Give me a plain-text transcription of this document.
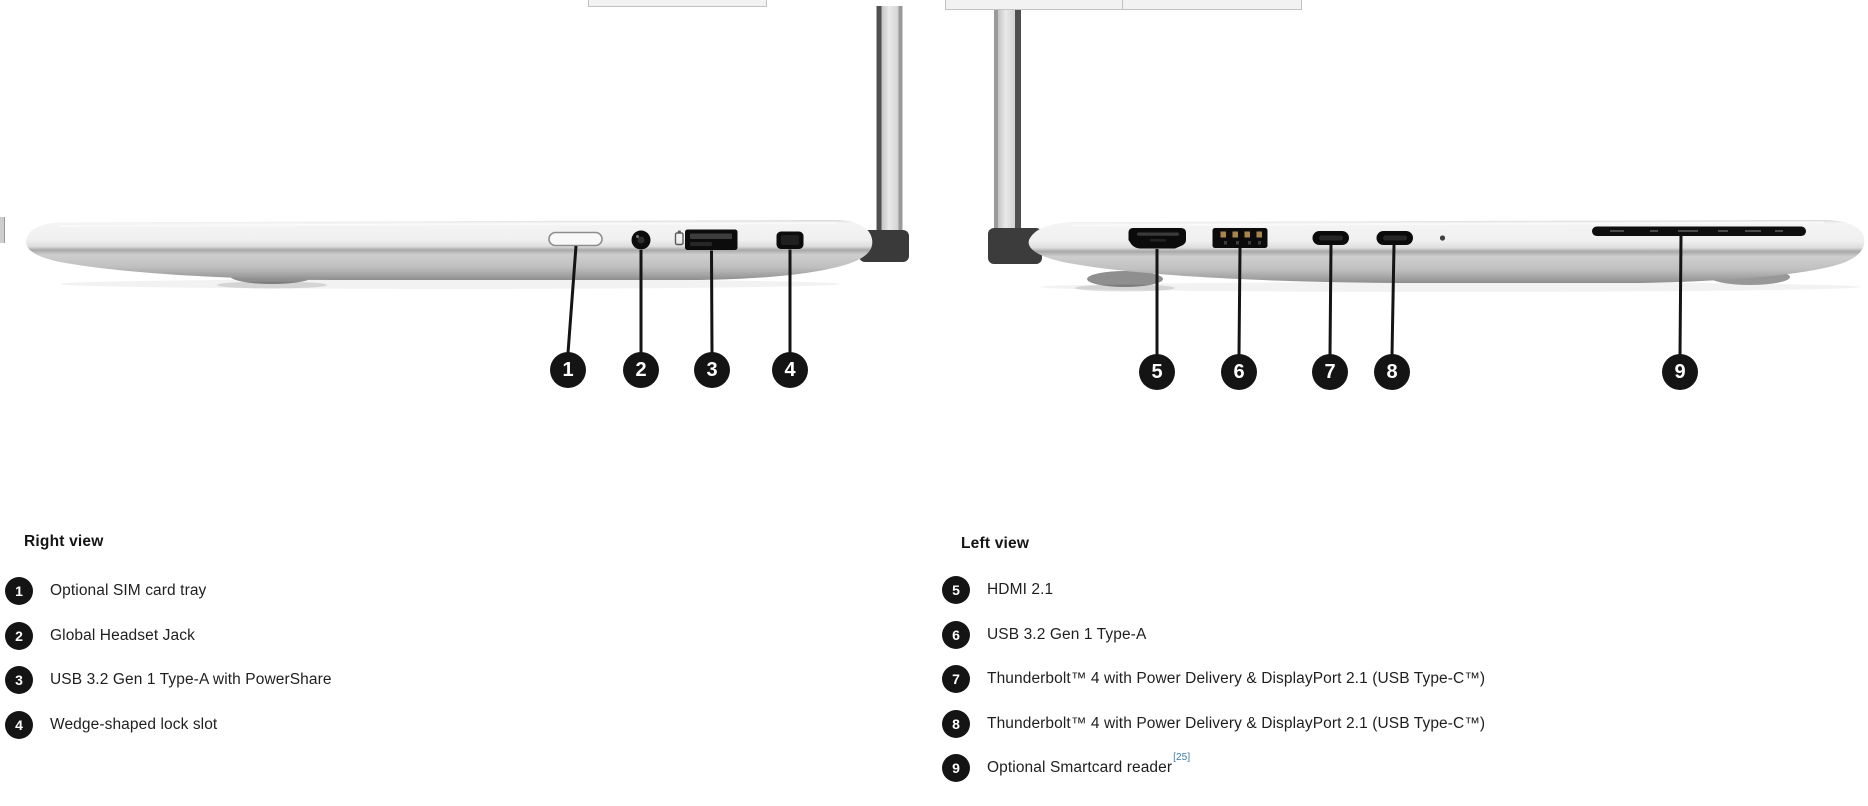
1	2	3	4	5	6	7	8	9
Right view
1	Optional SIM card tray
2	Global Headset Jack
3	USB 3.2 Gen 1 Type-A with PowerShare
4	Wedge-shaped lock slot
Left view
5	HDMI 2.1
6	USB 3.2 Gen 1 Type-A
7	Thunderbolt™ 4 with Power Delivery & DisplayPort 2.1 (USB Type-C™)
8	Thunderbolt™ 4 with Power Delivery & DisplayPort 2.1 (USB Type-C™)
9	Optional Smartcard reader[25]
